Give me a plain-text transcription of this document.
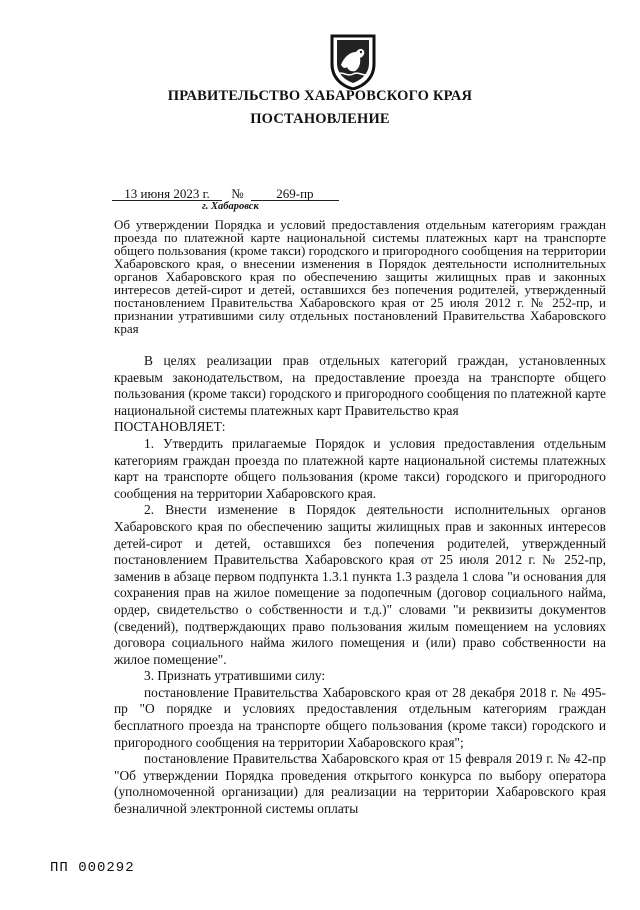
ПРАВИТЕЛЬСТВО ХАБАРОВСКОГО КРАЯ
ПОСТАНОВЛЕНИЕ
13 июня 2023 г. №	269-пр
г. Хабаровск
Об утверждении Порядка и условий предоставления отдельным категориям граждан проезда по платежной карте национальной системы платежных карт на транспорте общего пользования (кроме такси) городского и пригородного сообщения на территории Хабаровского края, о внесении изменения в Порядок деятельности исполнительных органов Хабаровского края по обеспечению защиты жилищных прав и законных интересов детей-сирот и детей, оставшихся без попечения родителей, утвержденный постановлением Правительства Хабаровского края от 25 июля 2012 г. № 252-пр, и признании утратившими силу отдельных постановлений Правительства Хабаровского края

В целях реализации прав отдельных категорий граждан, установленных краевым законодательством, на предоставление проезда на транспорте общего пользования (кроме такси) городского и пригородного сообщения по платежной карте национальной системы платежных карт Правительство края

ПОСТАНОВЛЯЕТ:

1. Утвердить прилагаемые Порядок и условия предоставления отдельным категориям граждан проезда по платежной карте национальной системы платежных карт на транспорте общего пользования (кроме такси) городского и пригородного сообщения на территории Хабаровского края.

2. Внести изменение в Порядок деятельности исполнительных органов Хабаровского края по обеспечению защиты жилищных прав и законных интересов детей-сирот и детей, оставшихся без попечения родителей, утвержденный постановлением Правительства Хабаровского края от 25 июля 2012 г. № 252-пр, заменив в абзаце первом подпункта 1.3.1 пункта 1.3 раздела 1 слова "и основания для сохранения прав на жилое помещение за подопечным (договор социального найма, ордер, свидетельство о собственности и т.д.)" словами "и реквизиты документов (сведений), подтверждающих право пользования жилым помещением на условиях договора социального найма жилого помещения и (или) право собственности на жилое помещение".

3. Признать утратившими силу:

постановление Правительства Хабаровского края от 28 декабря 2018 г. № 495-пр "О порядке и условиях предоставления отдельным категориям граждан бесплатного проезда на транспорте общего пользования (кроме такси) городского и пригородного сообщения на территории Хабаровского края";

постановление Правительства Хабаровского края от 15 февраля 2019 г. № 42-пр "Об утверждении Порядка проведения открытого конкурса по выбору оператора (уполномоченной организации) для реализации на территории Хабаровского края безналичной электронной системы оплаты

ПП 000292
